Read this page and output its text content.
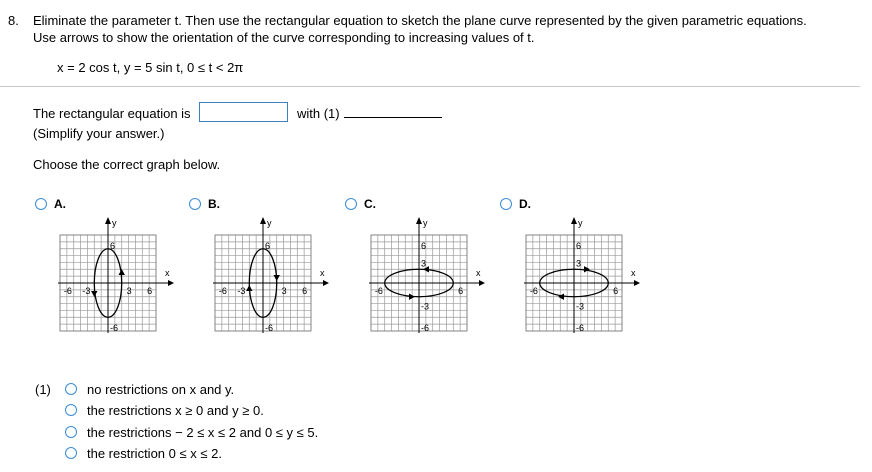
8. Eliminate the parameter t. Then use the rectangular equation to sketch the plane curve represented by the given parametric equations.
Use arrows to show the orientation of the curve corresponding to increasing values of t.
x = 2 cos t, y = 5 sin t, 0 ≤ t < 2π
The rectangular equation is	with (1)
(Simplify your answer.)
Choose the correct graph below.
A.	B.	C.	D.
x
y
6
-6
-6	6
3
-3
x
y
6
-6
-6	6
3
-3
x
y
6
-6
-6	6
3
-3
x
y
6
-6
-6	6
3
-3
(1)	no restrictions on x and y.
the restrictions x ≥ 0 and y ≥ 0.
the restrictions − 2 ≤ x ≤ 2 and 0 ≤ y ≤ 5.
the restriction 0 ≤ x ≤ 2.
